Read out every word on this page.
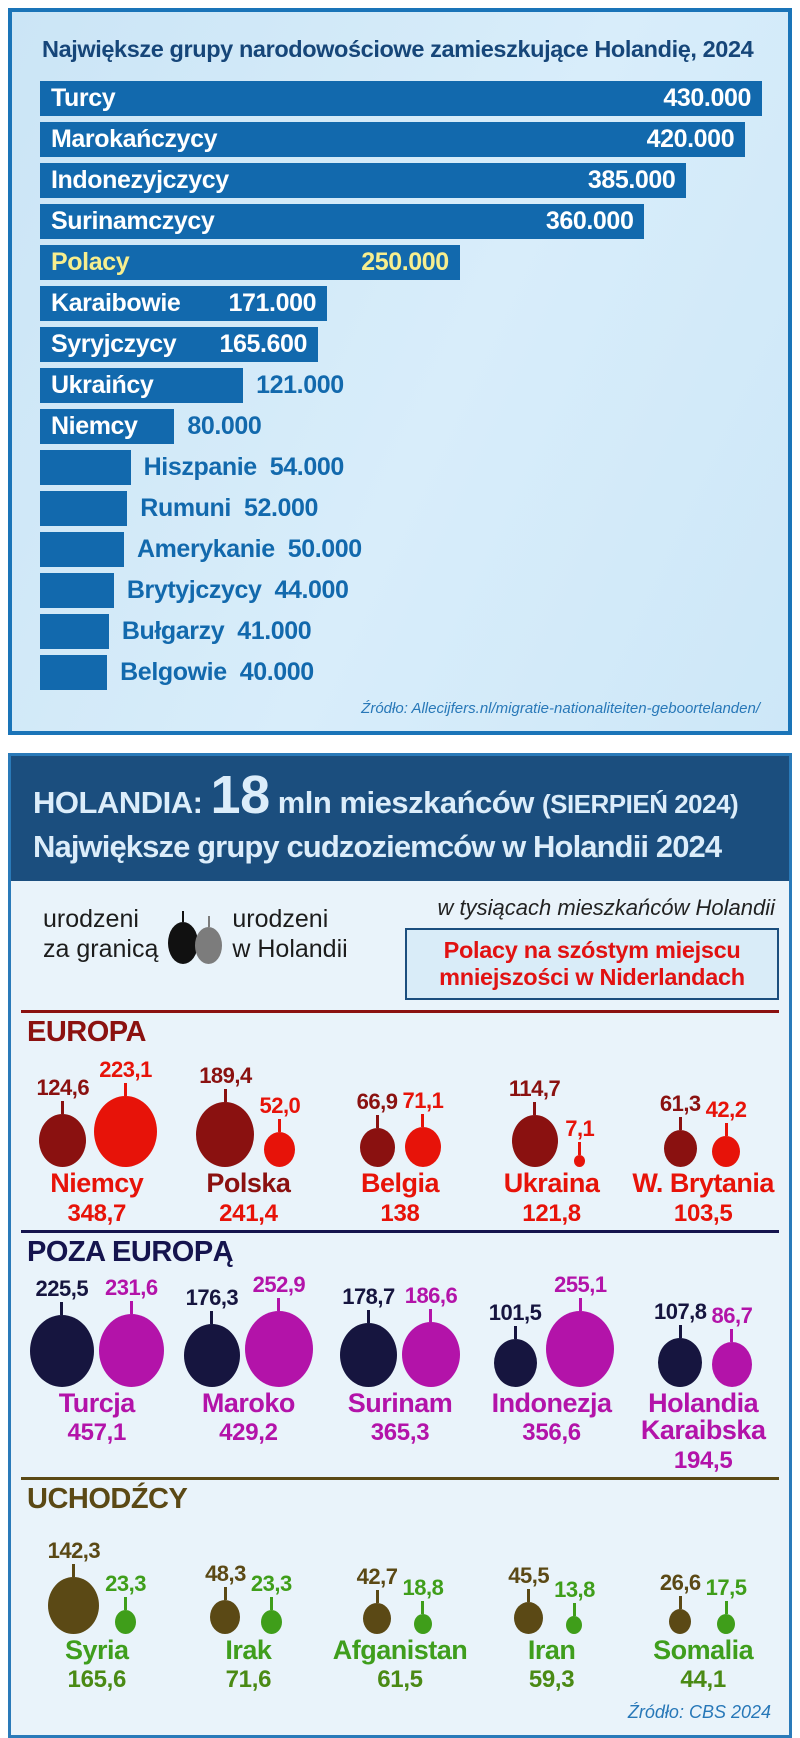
Największe grupy narodowościowe zamieszkujące Holandię, 2024
Turcy	430.000
Marokańczycy	420.000
Indonezyjczycy	385.000
Surinamczycy	360.000
Polacy	250.000
Karaibowie 171.000
Syryjczycy 165.600
Ukraińcy	121.000
Niemcy 80.000
Hiszpanie 54.000
Rumuni 52.000
Amerykanie 50.000
Brytyjczycy 44.000
Bułgarzy 41.000
Belgowie 40.000
Źródło: Allecijfers.nl/migratie-nationaliteiten-geboortelanden/
HOLANDIA: 18 mln mieszkańców (SIERPIEŃ 2024)
Największe grupy cudzoziemców w Holandii 2024
urodzeni
za granicą
urodzeni
w Holandii
w tysiącach mieszkańców Holandii
Polacy na szóstym miejscu
mniejszości w Niderlandach
EUROPA
124,6
223,1
Niemcy
348,7
189,4
52,0
Polska
241,4
66,9 71,1
Belgia
138
114,7
7,1
Ukraina
121,8
61,3 42,2
W. Brytania
103,5
POZA EUROPĄ
225,5 231,6
Turcja
457,1
176,3
252,9
Maroko
429,2
178,7 186,6
Surinam
365,3
101,5
255,1
Indonezja
356,6
107,8 86,7
Holandia Karaibska
194,5
UCHODŹCY
142,3
23,3
Syria
165,6
48,3 23,3
Irak
71,6
42,7 18,8
Afganistan
61,5
45,5
13,8
Iran
59,3
26,6 17,5
Somalia
44,1
Źródło: CBS 2024
